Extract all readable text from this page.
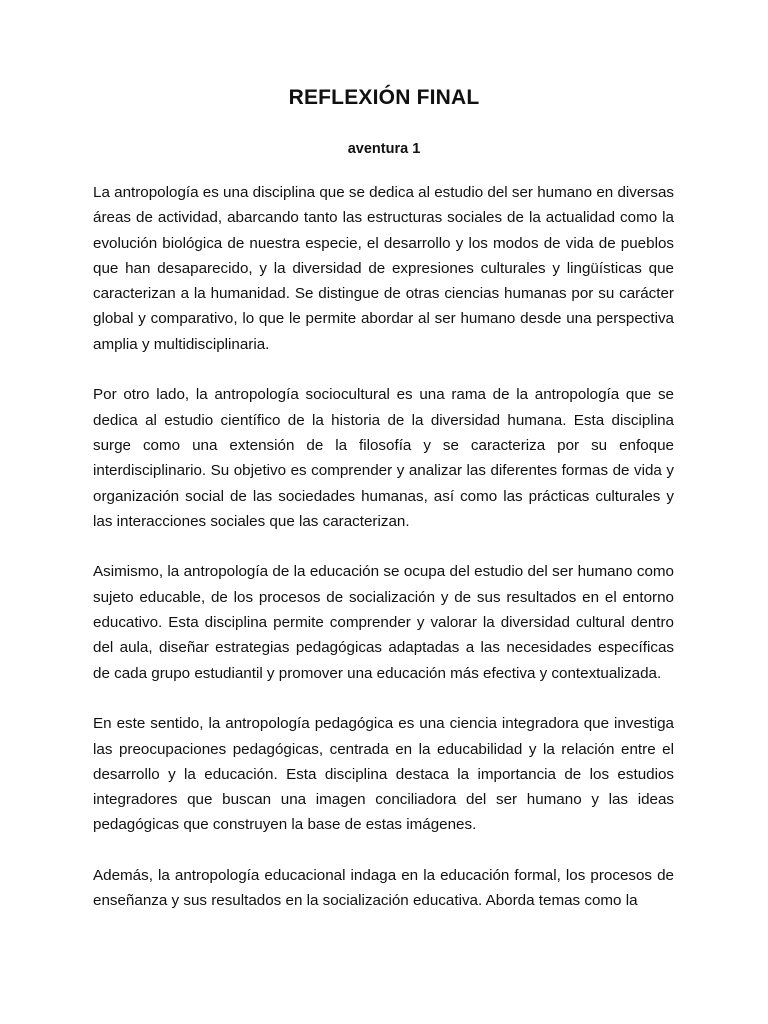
REFLEXIÓN FINAL
aventura 1

La antropología es una disciplina que se dedica al estudio del ser humano en diversas áreas de actividad, abarcando tanto las estructuras sociales de la actualidad como la evolución biológica de nuestra especie, el desarrollo y los modos de vida de pueblos que han desaparecido, y la diversidad de expresiones culturales y lingüísticas que caracterizan a la humanidad. Se distingue de otras ciencias humanas por su carácter global y comparativo, lo que le permite abordar al ser humano desde una perspectiva amplia y multidisciplinaria.

Por otro lado, la antropología sociocultural es una rama de la antropología que se dedica al estudio científico de la historia de la diversidad humana. Esta disciplina surge como una extensión de la filosofía y se caracteriza por su enfoque interdisciplinario. Su objetivo es comprender y analizar las diferentes formas de vida y organización social de las sociedades humanas, así como las prácticas culturales y las interacciones sociales que las caracterizan.

Asimismo, la antropología de la educación se ocupa del estudio del ser humano como sujeto educable, de los procesos de socialización y de sus resultados en el entorno educativo. Esta disciplina permite comprender y valorar la diversidad cultural dentro del aula, diseñar estrategias pedagógicas adaptadas a las necesidades específicas de cada grupo estudiantil y promover una educación más efectiva y contextualizada.

En este sentido, la antropología pedagógica es una ciencia integradora que investiga las preocupaciones pedagógicas, centrada en la educabilidad y la relación entre el desarrollo y la educación. Esta disciplina destaca la importancia de los estudios integradores que buscan una imagen conciliadora del ser humano y las ideas pedagógicas que construyen la base de estas imágenes.

Además, la antropología educacional indaga en la educación formal, los procesos de enseñanza y sus resultados en la socialización educativa. Aborda temas como la
